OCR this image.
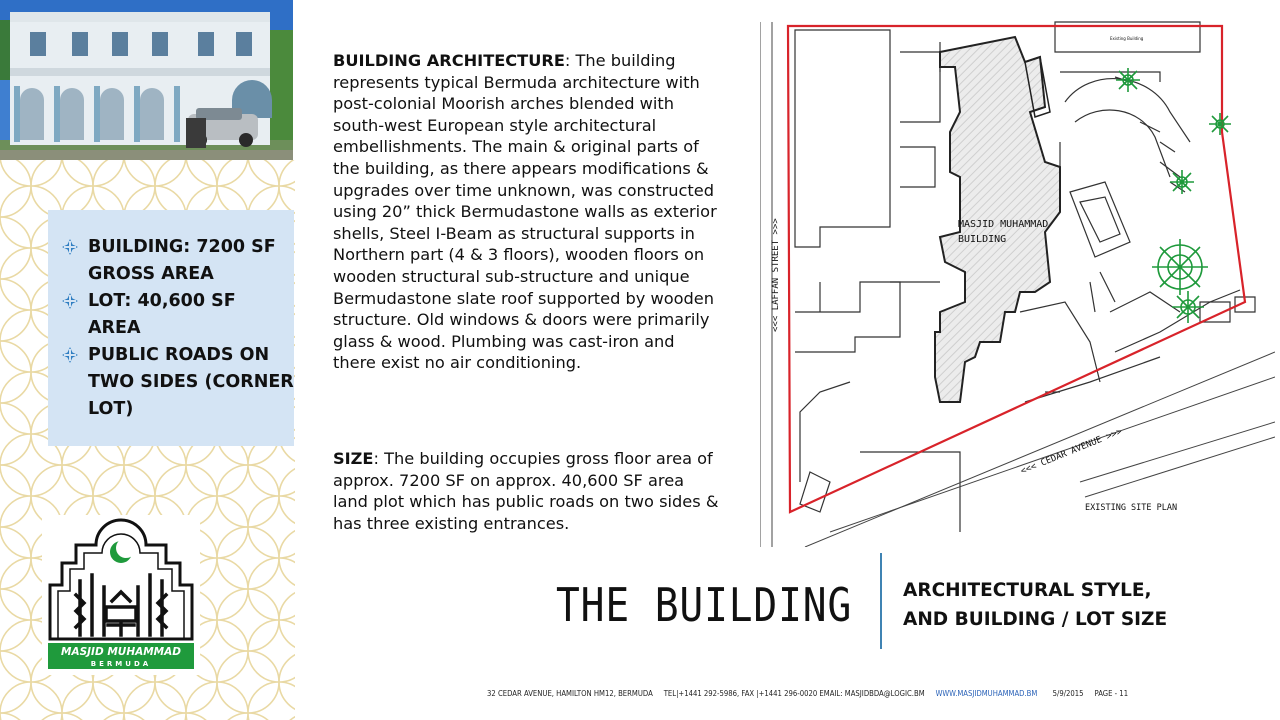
BUILDING: 7200 SF GROSS AREA
LOT: 40,600 SF AREA
PUBLIC ROADS ON TWO SIDES (CORNER LOT)
MASJID MUHAMMAD
BERMUDA
BUILDING ARCHITECTURE: The building represents typical Bermuda architecture with post-colonial Moorish arches blended with south-west European style architectural embellishments. The main & original parts of the building, as there appears modifications & upgrades over time unknown, was constructed using 20” thick Bermudastone walls as exterior shells, Steel I-Beam as structural supports in Northern part (4 & 3 floors), wooden floors on wooden structural sub-structure and unique Bermudastone slate roof supported by wooden structure. Old windows & doors were primarily glass & wood. Plumbing was cast-iron and there exist no air conditioning.
SIZE: The building occupies gross floor area of approx. 7200 SF on approx. 40,600 SF area land plot which has public roads on two sides & has three existing entrances.
MASJID MUHAMMAD
BUILDING
<<< LAFFAN STREET >>>
<<< CEDAR AVENUE >>>
Existing Building
EXISTING SITE PLAN
THE BUILDING	ARCHITECTURAL STYLE,
AND BUILDING / LOT SIZE
32 CEDAR AVENUE, HAMILTON HM12, BERMUDA TEL|+1441 292-5986, FAX |+1441 296-0020 EMAIL: MASJIDBDA@LOGIC.BM WWW.MASJIDMUHAMMAD.BM 5/9/2015 PAGE - 11
